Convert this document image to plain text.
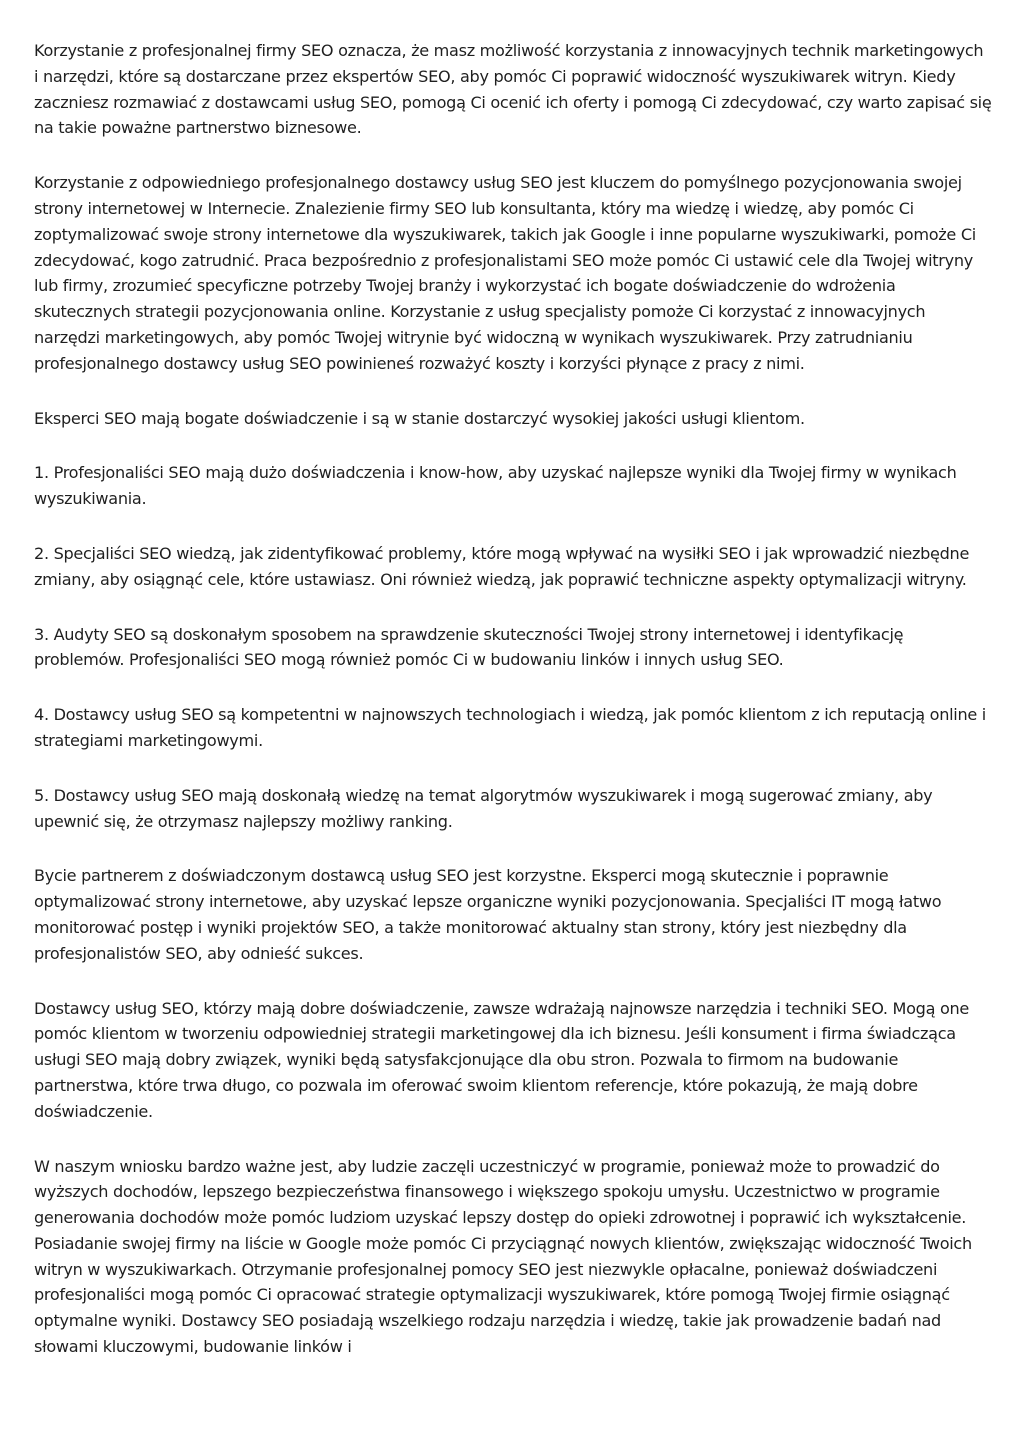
Korzystanie z profesjonalnej firmy SEO oznacza, że masz możliwość korzystania z innowacyjnych technik marketingowych i narzędzi, które są dostarczane przez ekspertów SEO, aby pomóc Ci poprawić widoczność wyszukiwarek witryn. Kiedy zaczniesz rozmawiać z dostawcami usług SEO, pomogą Ci ocenić ich oferty i pomogą Ci zdecydować, czy warto zapisać się na takie poważne partnerstwo biznesowe.

Korzystanie z odpowiedniego profesjonalnego dostawcy usług SEO jest kluczem do pomyślnego pozycjonowania swojej strony internetowej w Internecie. Znalezienie firmy SEO lub konsultanta, który ma wiedzę i wiedzę, aby pomóc Ci zoptymalizować swoje strony internetowe dla wyszukiwarek, takich jak Google i inne popularne wyszukiwarki, pomoże Ci zdecydować, kogo zatrudnić. Praca bezpośrednio z profesjonalistami SEO może pomóc Ci ustawić cele dla Twojej witryny lub firmy, zrozumieć specyficzne potrzeby Twojej branży i wykorzystać ich bogate doświadczenie do wdrożenia skutecznych strategii pozycjonowania online. Korzystanie z usług specjalisty pomoże Ci korzystać z innowacyjnych narzędzi marketingowych, aby pomóc Twojej witrynie być widoczną w wynikach wyszukiwarek. Przy zatrudnianiu profesjonalnego dostawcy usług SEO powinieneś rozważyć koszty i korzyści płynące z pracy z nimi.

Eksperci SEO mają bogate doświadczenie i są w stanie dostarczyć wysokiej jakości usługi klientom.

1. Profesjonaliści SEO mają dużo doświadczenia i know-how, aby uzyskać najlepsze wyniki dla Twojej firmy w wynikach wyszukiwania.

2. Specjaliści SEO wiedzą, jak zidentyfikować problemy, które mogą wpływać na wysiłki SEO i jak wprowadzić niezbędne zmiany, aby osiągnąć cele, które ustawiasz. Oni również wiedzą, jak poprawić techniczne aspekty optymalizacji witryny.

3. Audyty SEO są doskonałym sposobem na sprawdzenie skuteczności Twojej strony internetowej i identyfikację problemów. Profesjonaliści SEO mogą również pomóc Ci w budowaniu linków i innych usług SEO.

4. Dostawcy usług SEO są kompetentni w najnowszych technologiach i wiedzą, jak pomóc klientom z ich reputacją online i strategiami marketingowymi.

5. Dostawcy usług SEO mają doskonałą wiedzę na temat algorytmów wyszukiwarek i mogą sugerować zmiany, aby upewnić się, że otrzymasz najlepszy możliwy ranking.

Bycie partnerem z doświadczonym dostawcą usług SEO jest korzystne. Eksperci mogą skutecznie i poprawnie optymalizować strony internetowe, aby uzyskać lepsze organiczne wyniki pozycjonowania. Specjaliści IT mogą łatwo monitorować postęp i wyniki projektów SEO, a także monitorować aktualny stan strony, który jest niezbędny dla profesjonalistów SEO, aby odnieść sukces.

Dostawcy usług SEO, którzy mają dobre doświadczenie, zawsze wdrażają najnowsze narzędzia i techniki SEO. Mogą one pomóc klientom w tworzeniu odpowiedniej strategii marketingowej dla ich biznesu. Jeśli konsument i firma świadcząca usługi SEO mają dobry związek, wyniki będą satysfakcjonujące dla obu stron. Pozwala to firmom na budowanie partnerstwa, które trwa długo, co pozwala im oferować swoim klientom referencje, które pokazują, że mają dobre doświadczenie.

W naszym wniosku bardzo ważne jest, aby ludzie zaczęli uczestniczyć w programie, ponieważ może to prowadzić do wyższych dochodów, lepszego bezpieczeństwa finansowego i większego spokoju umysłu. Uczestnictwo w programie generowania dochodów może pomóc ludziom uzyskać lepszy dostęp do opieki zdrowotnej i poprawić ich wykształcenie. Posiadanie swojej firmy na liście w Google może pomóc Ci przyciągnąć nowych klientów, zwiększając widoczność Twoich witryn w wyszukiwarkach. Otrzymanie profesjonalnej pomocy SEO jest niezwykle opłacalne, ponieważ doświadczeni profesjonaliści mogą pomóc Ci opracować strategie optymalizacji wyszukiwarek, które pomogą Twojej firmie osiągnąć optymalne wyniki. Dostawcy SEO posiadają wszelkiego rodzaju narzędzia i wiedzę, takie jak prowadzenie badań nad słowami kluczowymi, budowanie linków i
